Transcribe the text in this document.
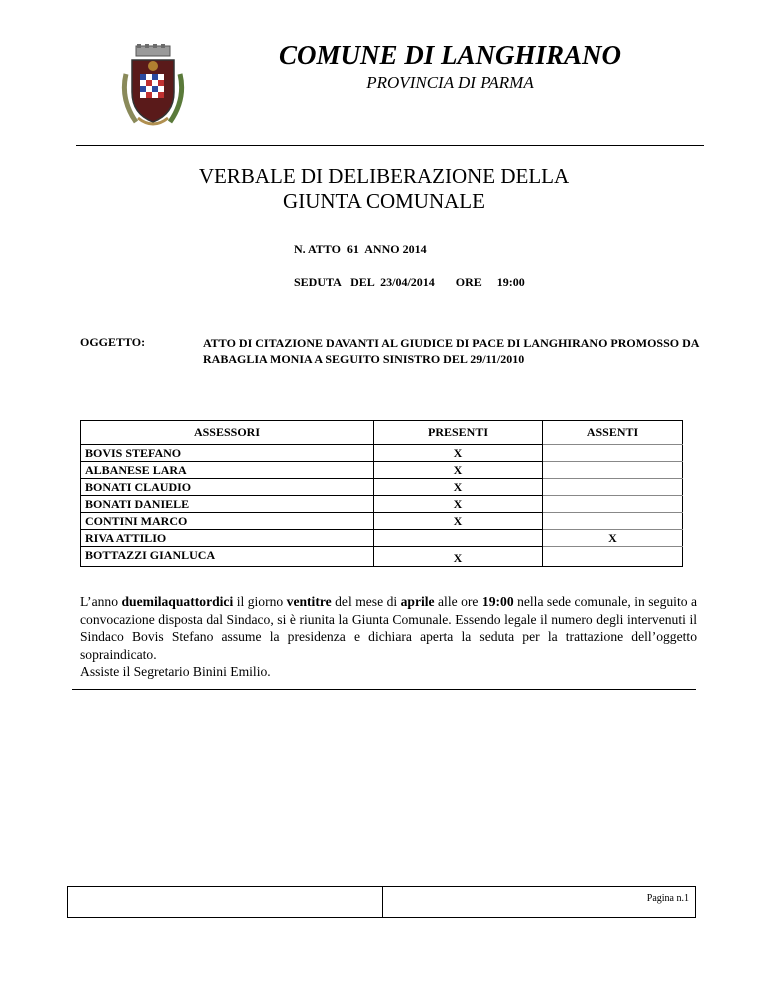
COMUNE DI LANGHIRANO
PROVINCIA DI PARMA
VERBALE DI DELIBERAZIONE DELLA
GIUNTA COMUNALE
N. ATTO  61  ANNO 2014
SEDUTA   DEL  23/04/2014       ORE     19:00
OGGETTO:	ATTO DI CITAZIONE DAVANTI AL GIUDICE DI PACE DI LANGHIRANO PROMOSSO DA RABAGLIA MONIA A SEGUITO SINISTRO DEL 29/11/2010
ASSESSORI	PRESENTI	ASSENTI
BOVIS STEFANO	X	
ALBANESE LARA	X	
BONATI CLAUDIO	X	
BONATI DANIELE	X	
CONTINI MARCO	X	
RIVA ATTILIO		X
BOTTAZZI GIANLUCA	X	

L’anno duemilaquattordici il giorno ventitre del mese di aprile alle ore 19:00 nella sede comunale, in seguito a convocazione disposta dal Sindaco, si è riunita la Giunta Comunale. Essendo legale il numero degli intervenuti il Sindaco Bovis Stefano assume la presidenza e dichiara aperta la seduta per la trattazione dell’oggetto sopraindicato.

Assiste il Segretario Binini Emilio.

Pagina n.1
